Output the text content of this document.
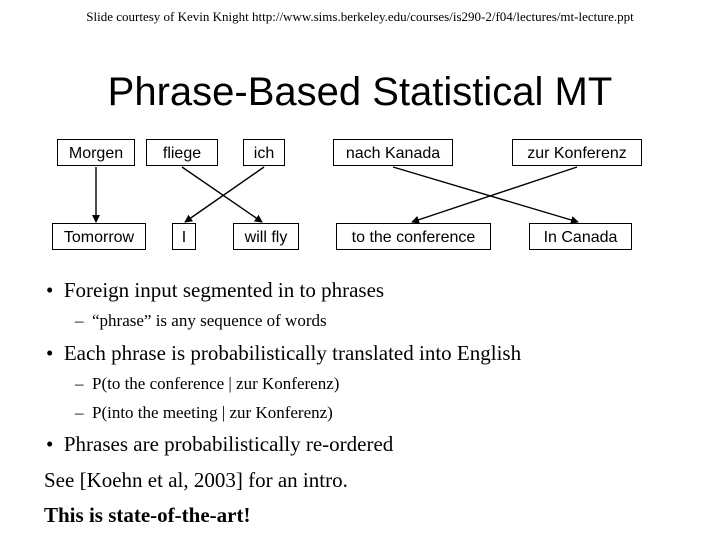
Slide courtesy of Kevin Knight http://www.sims.berkeley.edu/courses/is290-2/f04/lectures/mt-lecture.ppt
Phrase-Based Statistical MT
Morgen	fliege	ich	nach Kanada	zur Konferenz
Tomorrow	I	will fly	to the conference	In Canada
• Foreign input segmented in to phrases
– “phrase” is any sequence of words
• Each phrase is probabilistically translated into English
– P(to the conference | zur Konferenz)
– P(into the meeting | zur Konferenz)
• Phrases are probabilistically re-ordered
See [Koehn et al, 2003] for an intro.
This is state-of-the-art!
